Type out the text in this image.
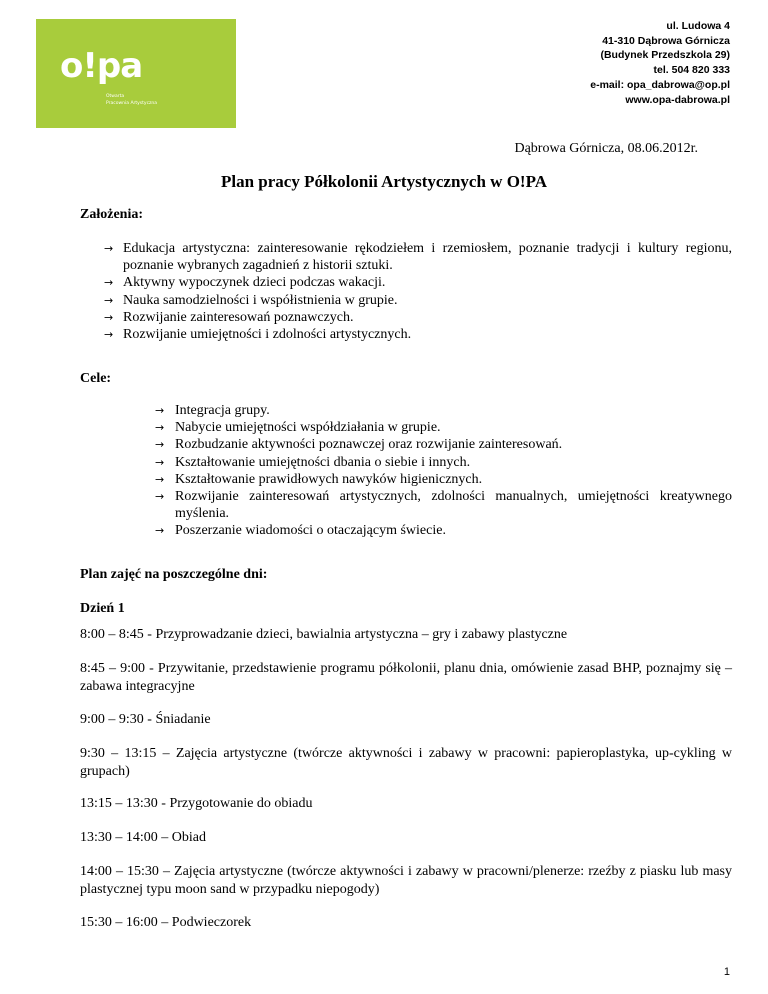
o!pa
Otwarta
Pracownia Artystyczna
ul. Ludowa 4
41-310 Dąbrowa Górnicza
(Budynek Przedszkola 29)
tel. 504 820 333
e-mail: opa_dabrowa@op.pl
www.opa-dabrowa.pl
Dąbrowa Górnicza, 08.06.2012r.
Plan pracy Półkolonii Artystycznych w O!PA
Założenia:
→ Edukacja artystyczna: zainteresowanie rękodziełem i rzemiosłem, poznanie tradycji i kultury regionu, poznanie wybranych zagadnień z historii sztuki.
→ Aktywny wypoczynek dzieci podczas wakacji.
→ Nauka samodzielności i współistnienia w grupie.
→ Rozwijanie zainteresowań poznawczych.
→ Rozwijanie umiejętności i zdolności artystycznych.
Cele:
→ Integracja grupy.
→ Nabycie umiejętności współdziałania w grupie.
→ Rozbudzanie aktywności poznawczej oraz rozwijanie zainteresowań.
→ Kształtowanie umiejętności dbania o siebie i innych.
→ Kształtowanie prawidłowych nawyków higienicznych.
→ Rozwijanie zainteresowań artystycznych, zdolności manualnych, umiejętności kreatywnego myślenia.
→ Poszerzanie wiadomości o otaczającym świecie.
Plan zajęć na poszczególne dni:
Dzień 1
8:00 – 8:45 - Przyprowadzanie dzieci, bawialnia artystyczna – gry i zabawy plastyczne
8:45 – 9:00 - Przywitanie, przedstawienie programu półkolonii, planu dnia, omówienie zasad BHP, poznajmy się – zabawa integracyjne
9:00 – 9:30 - Śniadanie
9:30 – 13:15 – Zajęcia artystyczne (twórcze aktywności i zabawy w pracowni: papieroplastyka, up-cykling w grupach)
13:15 – 13:30 - Przygotowanie do obiadu
13:30 – 14:00 – Obiad
14:00 – 15:30 – Zajęcia artystyczne (twórcze aktywności i zabawy w pracowni/plenerze: rzeźby z piasku lub masy plastycznej typu moon sand w przypadku niepogody)
15:30 – 16:00 – Podwieczorek
1
